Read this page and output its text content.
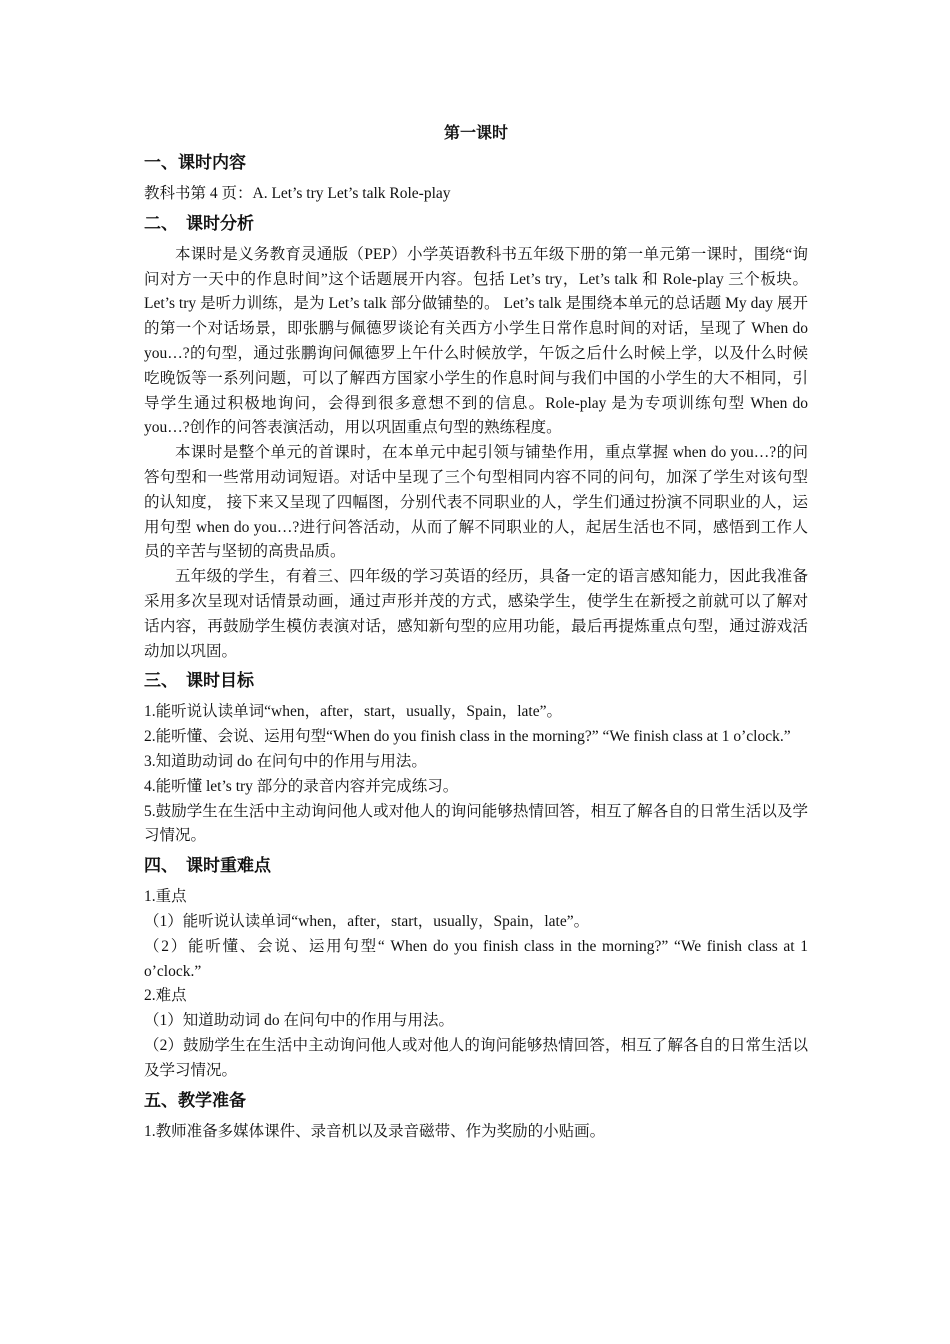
第一课时
一、课时内容

教科书第 4 页：A. Let’s try Let’s talk Role-play

二、 课时分析

本课时是义务教育灵通版（PEP）小学英语教科书五年级下册的第一单元第一课时，围绕“询问对方一天中的作息时间”这个话题展开内容。包括 Let’s try，Let’s talk 和 Role-play 三个板块。Let’s try 是听力训练，是为 Let’s talk 部分做铺垫的。 Let’s talk 是围绕本单元的总话题 My day 展开的第一个对话场景，即张鹏与佩德罗谈论有关西方小学生日常作息时间的对话，呈现了 When do you…?的句型，通过张鹏询问佩德罗上午什么时候放学，午饭之后什么时候上学，以及什么时候吃晚饭等一系列问题，可以了解西方国家小学生的作息时间与我们中国的小学生的大不相同，引导学生通过积极地询问，会得到很多意想不到的信息。Role-play 是为专项训练句型 When do you…?创作的问答表演活动，用以巩固重点句型的熟练程度。

本课时是整个单元的首课时，在本单元中起引领与铺垫作用，重点掌握 when do you…?的问答句型和一些常用动词短语。对话中呈现了三个句型相同内容不同的问句，加深了学生对该句型的认知度， 接下来又呈现了四幅图，分别代表不同职业的人，学生们通过扮演不同职业的人，运用句型 when do you…?进行问答活动，从而了解不同职业的人，起居生活也不同，感悟到工作人员的辛苦与坚韧的高贵品质。

五年级的学生，有着三、四年级的学习英语的经历，具备一定的语言感知能力，因此我准备采用多次呈现对话情景动画，通过声形并茂的方式，感染学生，使学生在新授之前就可以了解对话内容，再鼓励学生模仿表演对话，感知新句型的应用功能，最后再提炼重点句型，通过游戏活动加以巩固。

三、 课时目标

1.能听说认读单词“when，after，start，usually，Spain，late”。

2.能听懂、会说、运用句型“When do you finish class in the morning?” “We finish class at 1 o’clock.”

3.知道助动词 do 在问句中的作用与用法。

4.能听懂 let’s try 部分的录音内容并完成练习。

5.鼓励学生在生活中主动询问他人或对他人的询问能够热情回答，相互了解各自的日常生活以及学习情况。

四、 课时重难点

1.重点

（1）能听说认读单词“when，after，start，usually，Spain，late”。

（2）能听懂、会说、运用句型“ When do you finish class in the morning?” “We finish class at 1 o’clock.”

2.难点

（1）知道助动词 do 在问句中的作用与用法。

（2）鼓励学生在生活中主动询问他人或对他人的询问能够热情回答，相互了解各自的日常生活以及学习情况。

五、教学准备

1.教师准备多媒体课件、录音机以及录音磁带、作为奖励的小贴画。
